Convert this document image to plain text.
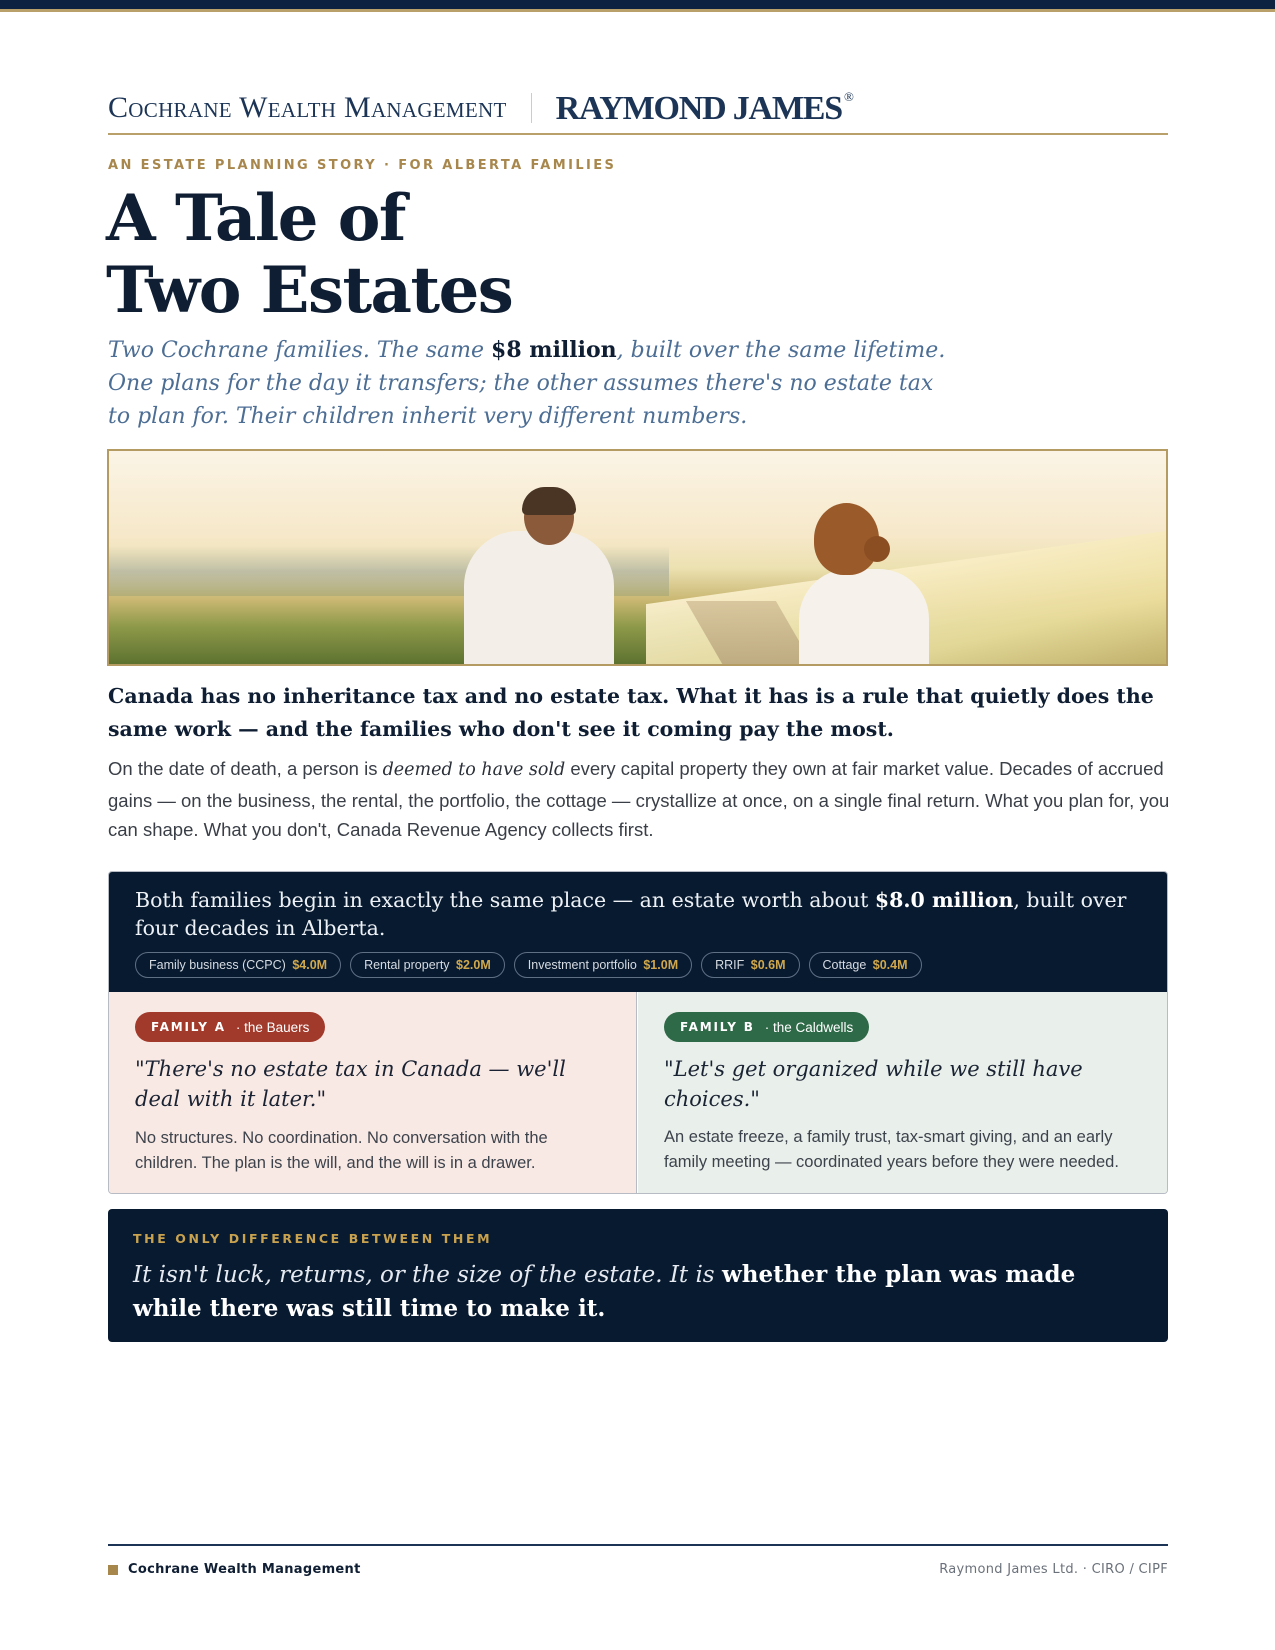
Cochrane Wealth Management RAYMOND JAMES ®
AN ESTATE PLANNING STORY · FOR ALBERTA FAMILIES
A Tale of
Two Estates

Two Cochrane families. The same $8 million, built over the same lifetime. One plans for the day it transfers; the other assumes there's no estate tax to plan for. Their children inherit very different numbers.

Canada has no inheritance tax and no estate tax. What it has is a rule that quietly does the same work — and the families who don't see it coming pay the most.

On the date of death, a person is deemed to have sold every capital property they own at fair market value. Decades of accrued gains — on the business, the rental, the portfolio, the cottage — crystallize at once, on a single final return. What you plan for, you can shape. What you don't, Canada Revenue Agency collects first.

Both families begin in exactly the same place — an estate worth about $8.0 million, built over four decades in Alberta.

Family business (CCPC) $4.0M	Rental property $2.0M	Investment portfolio $1.0M	RRIF $0.6M	Cottage $0.4M
FAMILY A · the Bauers

"There's no estate tax in Canada — we'll deal with it later."

No structures. No coordination. No conversation with the children. The plan is the will, and the will is in a drawer.

FAMILY B · the Caldwells

"Let's get organized while we still have choices."

An estate freeze, a family trust, tax-smart giving, and an early family meeting — coordinated years before they were needed.

THE ONLY DIFFERENCE BETWEEN THEM

It isn't luck, returns, or the size of the estate. It is whether the plan was made while there was still time to make it.

Cochrane Wealth Management	Raymond James Ltd. · CIRO / CIPF
